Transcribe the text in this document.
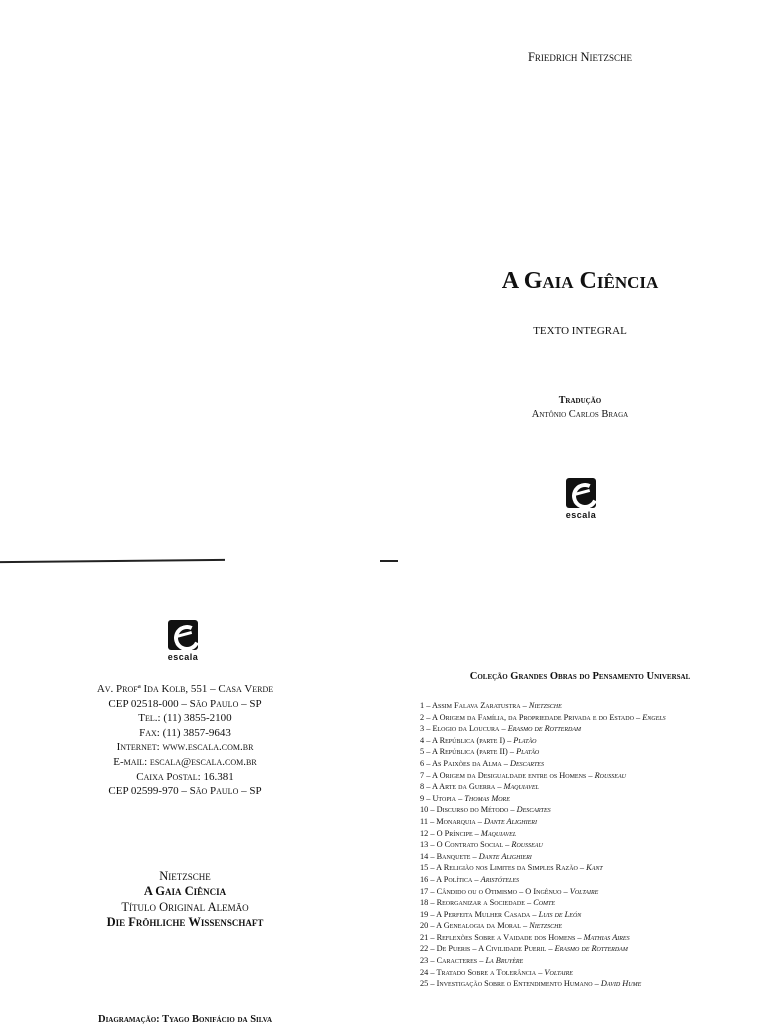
Friedrich Nietzsche
A Gaia Ciência
TEXTO INTEGRAL
Tradução
Antônio Carlos Braga
escala
escala
Av. Profª Ida Kolb, 551 – Casa Verde
CEP 02518-000 – São Paulo – SP
Tel.: (11) 3855-2100
Fax: (11) 3857-9643
Internet: www.escala.com.br
E-mail: escala@escala.com.br
Caixa Postal: 16.381
CEP 02599-970 – São Paulo – SP
Nietzsche
A Gaia Ciência
Título Original Alemão
Die Fröhliche Wissenschaft
Diagramação: Tyago Bonifácio da Silva
Coleção Grandes Obras do Pensamento Universal
1 – Assim Falava Zaratustra – Nietzsche
2 – A Origem da Família, da Propriedade Privada e do Estado – Engels
3 – Elogio da Loucura – Erasmo de Rotterdam
4 – A República (parte I) – Platão
5 – A República (parte II) – Platão
6 – As Paixões da Alma – Descartes
7 – A Origem da Desigualdade entre os Homens – Rousseau
8 – A Arte da Guerra – Maquiavel
9 – Utopia – Thomas More
10 – Discurso do Método – Descartes
11 – Monarquia – Dante Alighieri
12 – O Príncipe – Maquiavel
13 – O Contrato Social – Rousseau
14 – Banquete – Dante Alighieri
15 – A Religião nos Limites da Simples Razão – Kant
16 – A Política – Aristóteles
17 – Cândido ou o Otimismo – O Ingênuo – Voltaire
18 – Reorganizar a Sociedade – Comte
19 – A Perfeita Mulher Casada – Luis de León
20 – A Genealogia da Moral – Nietzsche
21 – Reflexões Sobre a Vaidade dos Homens – Mathias Aires
22 – De Pueris – A Civilidade Pueril – Erasmo de Rotterdam
23 – Caracteres – La Bruyère
24 – Tratado Sobre a Tolerância – Voltaire
25 – Investigação Sobre o Entendimento Humano – David Hume
